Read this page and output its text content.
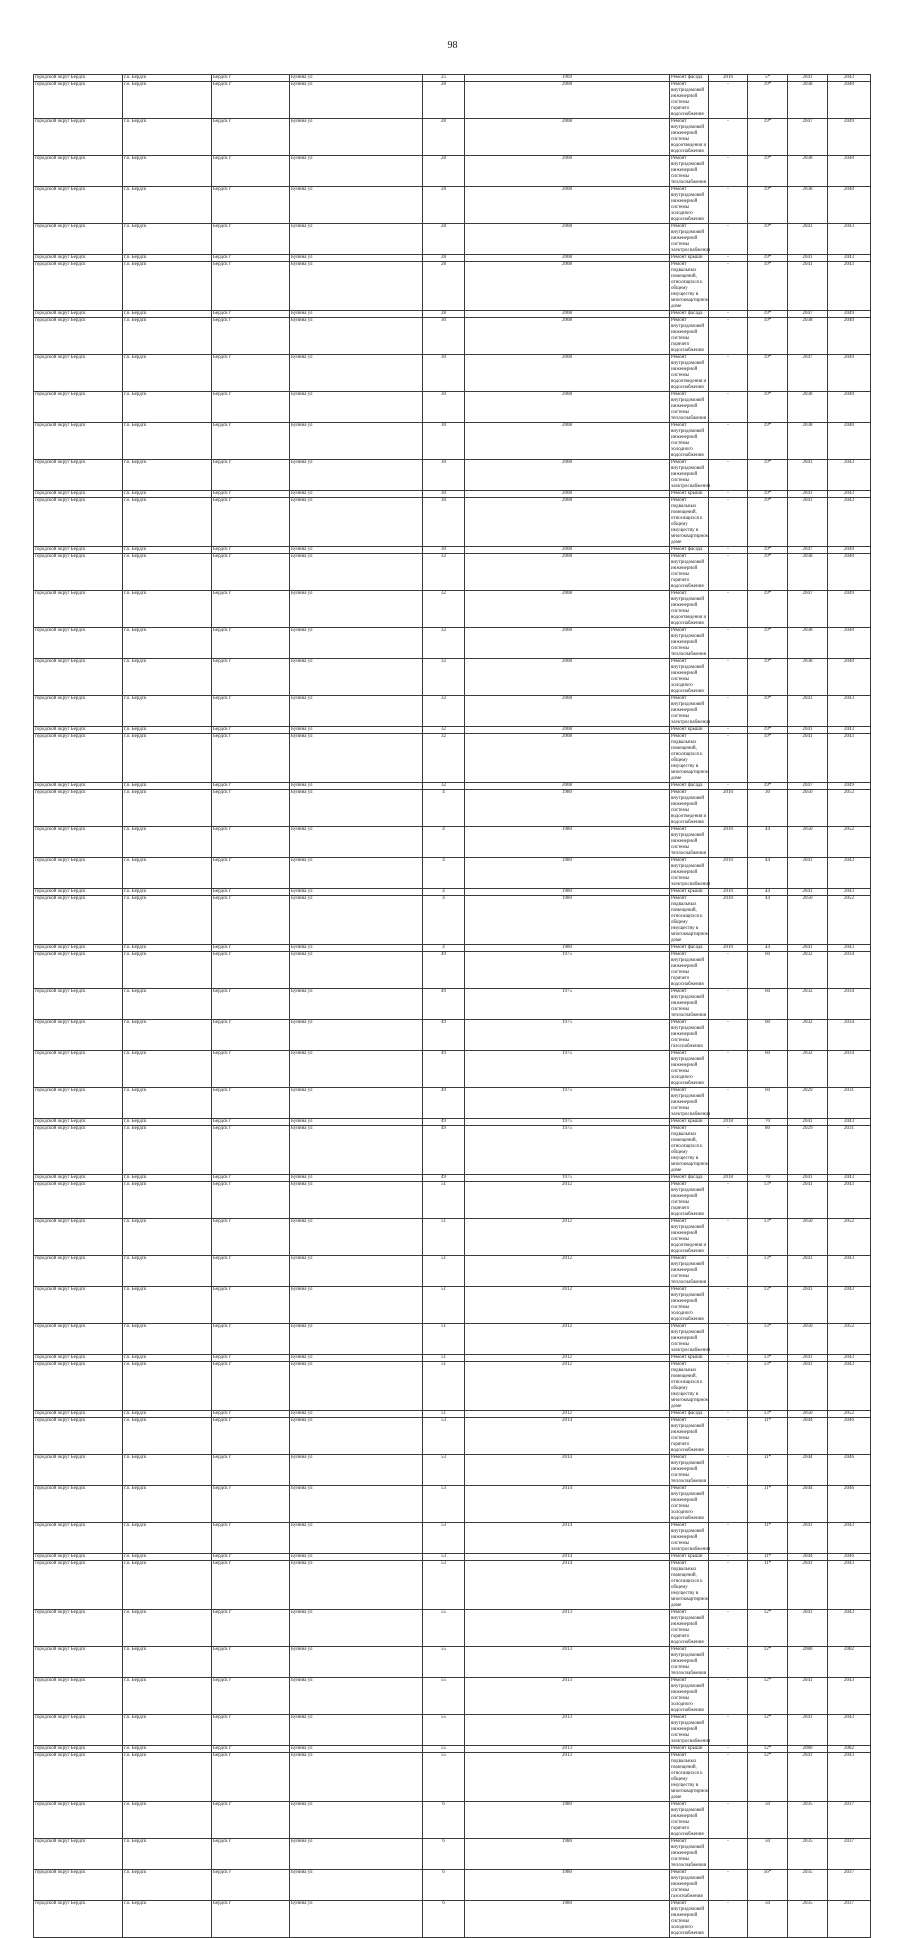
98
городской округ Бердск	г.о. Бердск	Бердск г	Бунина ул	25	1969	Ремонт фасада	2016	5*	2041	2043
городской округ Бердск	г.о. Бердск	Бердск г	Бунина ул	28	2008	Ремонт внутридомовой инженерной системы горячего водоснабжения	-	19*	2038	2040
городской округ Бердск	г.о. Бердск	Бердск г	Бунина ул	28	2008	Ремонт внутридомовой инженерной системы водоотведения и водоснабжения	-	19*	2047	2049
городской округ Бердск	г.о. Бердск	Бердск г	Бунина ул	28	2008	Ремонт внутридомовой инженерной системы теплоснабжения	-	19*	2038	2040
городской округ Бердск	г.о. Бердск	Бердск г	Бунина ул	28	2008	Ремонт внутридомовой инженерной системы холодного водоснабжения	-	19*	2038	2040
городской округ Бердск	г.о. Бердск	Бердск г	Бунина ул	28	2008	Ремонт внутридомовой инженерной системы электроснабжения	-	19*	2041	2043
городской округ Бердск	г.о. Бердск	Бердск г	Бунина ул	28	2008	Ремонт крыши	-	19*	2041	2043
городской округ Бердск	г.о. Бердск	Бердск г	Бунина ул	28	2008	Ремонт подвальных помещений, относящихся к общему имуществу в многоквартирном доме	-	19*	2041	2043
городской округ Бердск	г.о. Бердск	Бердск г	Бунина ул	28	2008	Ремонт фасада	-	19*	2047	2049
городской округ Бердск	г.о. Бердск	Бердск г	Бунина ул	30	2008	Ремонт внутридомовой инженерной системы горячего водоснабжения	-	19*	2038	2040
городской округ Бердск	г.о. Бердск	Бердск г	Бунина ул	30	2008	Ремонт внутридомовой инженерной системы водоотведения и водоснабжения	-	19*	2047	2049
городской округ Бердск	г.о. Бердск	Бердск г	Бунина ул	30	2008	Ремонт внутридомовой инженерной системы теплоснабжения	-	19*	2038	2040
городской округ Бердск	г.о. Бердск	Бердск г	Бунина ул	30	2008	Ремонт внутридомовой инженерной системы холодного водоснабжения	-	19*	2038	2040
городской округ Бердск	г.о. Бердск	Бердск г	Бунина ул	30	2008	Ремонт внутридомовой инженерной системы электроснабжения	-	19*	2041	2043
городской округ Бердск	г.о. Бердск	Бердск г	Бунина ул	30	2008	Ремонт крыши	-	19*	2041	2043
городской округ Бердск	г.о. Бердск	Бердск г	Бунина ул	30	2008	Ремонт подвальных помещений, относящихся к общему имуществу в многоквартирном доме	-	19*	2041	2043
городской округ Бердск	г.о. Бердск	Бердск г	Бунина ул	30	2008	Ремонт фасада	-	19*	2047	2049
городской округ Бердск	г.о. Бердск	Бердск г	Бунина ул	32	2008	Ремонт внутридомовой инженерной системы горячего водоснабжения	-	19*	2038	2040
городской округ Бердск	г.о. Бердск	Бердск г	Бунина ул	32	2008	Ремонт внутридомовой инженерной системы водоотведения и водоснабжения	-	19*	2047	2049
городской округ Бердск	г.о. Бердск	Бердск г	Бунина ул	32	2008	Ремонт внутридомовой инженерной системы теплоснабжения	-	19*	2038	2040
городской округ Бердск	г.о. Бердск	Бердск г	Бунина ул	32	2008	Ремонт внутридомовой инженерной системы холодного водоснабжения	-	19*	2038	2040
городской округ Бердск	г.о. Бердск	Бердск г	Бунина ул	32	2008	Ремонт внутридомовой инженерной системы электроснабжения	-	19*	2041	2043
городской округ Бердск	г.о. Бердск	Бердск г	Бунина ул	32	2008	Ремонт крыши	-	19*	2041	2043
городской округ Бердск	г.о. Бердск	Бердск г	Бунина ул	32	2008	Ремонт подвальных помещений, относящихся к общему имуществу в многоквартирном доме	-	19*	2041	2043
городской округ Бердск	г.о. Бердск	Бердск г	Бунина ул	32	2008	Ремонт фасада	-	19*	2047	2049
городской округ Бердск	г.о. Бердск	Бердск г	Бунина ул	4	1980	Ремонт внутридомовой инженерной системы водоотведения и водоснабжения	2010	30	2050	2052
городской округ Бердск	г.о. Бердск	Бердск г	Бунина ул	4	1980	Ремонт внутридомовой инженерной системы теплоснабжения	2010	44	2050	2052
городской округ Бердск	г.о. Бердск	Бердск г	Бунина ул	4	1980	Ремонт внутридомовой инженерной системы электроснабжения	2010	44	2041	2043
городской округ Бердск	г.о. Бердск	Бердск г	Бунина ул	4	1980	Ремонт крыши	2010	44	2041	2043
городской округ Бердск	г.о. Бердск	Бердск г	Бунина ул	4	1980	Ремонт подвальных помещений, относящихся к общему имуществу в многоквартирном доме	2010	44	2050	2052
городской округ Бердск	г.о. Бердск	Бердск г	Бунина ул	4	1980	Ремонт фасада	2010	44	2041	2043
городской округ Бердск	г.о. Бердск	Бердск г	Бунина ул	49	1975	Ремонт внутридомовой инженерной системы горячего водоснабжения	-	60	2032	2034
городской округ Бердск	г.о. Бердск	Бердск г	Бунина ул	49	1975	Ремонт внутридомовой инженерной системы теплоснабжения	-	60	2032	2034
городской округ Бердск	г.о. Бердск	Бердск г	Бунина ул	49	1975	Ремонт внутридомовой инженерной системы газоснабжения	-	60	2032	2034
городской округ Бердск	г.о. Бердск	Бердск г	Бунина ул	49	1975	Ремонт внутридомовой инженерной системы холодного водоснабжения	-	60	2032	2034
городской округ Бердск	г.о. Бердск	Бердск г	Бунина ул	49	1975	Ремонт внутридомовой инженерной системы электроснабжения	-	60	2029	2031
городской округ Бердск	г.о. Бердск	Бердск г	Бунина ул	49	1975	Ремонт крыши	2018	70	2041	2043
городской округ Бердск	г.о. Бердск	Бердск г	Бунина ул	49	1975	Ремонт подвальных помещений, относящихся к общему имуществу в многоквартирном доме	-	80	2029	2031
городской округ Бердск	г.о. Бердск	Бердск г	Бунина ул	49	1975	Ремонт фасада	2018	70	2041	2043
городской округ Бердск	г.о. Бердск	Бердск г	Бунина ул	51	2012	Ремонт внутридомовой инженерной системы горячего водоснабжения	-	13*	2041	2043
городской округ Бердск	г.о. Бердск	Бердск г	Бунина ул	51	2012	Ремонт внутридомовой инженерной системы водоотведения и водоснабжения	-	13*	2050	2052
городской округ Бердск	г.о. Бердск	Бердск г	Бунина ул	51	2012	Ремонт внутридомовой инженерной системы теплоснабжения	-	13*	2041	2043
городской округ Бердск	г.о. Бердск	Бердск г	Бунина ул	51	2012	Ремонт внутридомовой инженерной системы холодного водоснабжения	-	13*	2041	2043
городской округ Бердск	г.о. Бердск	Бердск г	Бунина ул	51	2012	Ремонт внутридомовой инженерной системы электроснабжения	-	13*	2050	2052
городской округ Бердск	г.о. Бердск	Бердск г	Бунина ул	51	2012	Ремонт крыши	-	13*	2041	2043
городской округ Бердск	г.о. Бердск	Бердск г	Бунина ул	51	2012	Ремонт подвальных помещений, относящихся к общему имуществу в многоквартирном доме	-	13*	2041	2043
городской округ Бердск	г.о. Бердск	Бердск г	Бунина ул	51	2012	Ремонт фасада	-	13*	2050	2052
городской округ Бердск	г.о. Бердск	Бердск г	Бунина ул	53	2014	Ремонт внутридомовой инженерной системы горячего водоснабжения	-	11*	2044	2046
городской округ Бердск	г.о. Бердск	Бердск г	Бунина ул	53	2014	Ремонт внутридомовой инженерной системы теплоснабжения	-	11*	2044	2046
городской округ Бердск	г.о. Бердск	Бердск г	Бунина ул	53	2014	Ремонт внутридомовой инженерной системы холодного водоснабжения	-	11*	2044	2046
городской округ Бердск	г.о. Бердск	Бердск г	Бунина ул	53	2014	Ремонт внутридомовой инженерной системы электроснабжения	-	11*	2041	2043
городской округ Бердск	г.о. Бердск	Бердск г	Бунина ул	53	2014	Ремонт крыши	-	11*	2044	2046
городской округ Бердск	г.о. Бердск	Бердск г	Бунина ул	53	2014	Ремонт подвальных помещений, относящихся к общему имуществу в многоквартирном доме	-	11*	2041	2043
городской округ Бердск	г.о. Бердск	Бердск г	Бунина ул	55	2013	Ремонт внутридомовой инженерной системы горячего водоснабжения	-	12*	2041	2043
городской округ Бердск	г.о. Бердск	Бердск г	Бунина ул	55	2013	Ремонт внутридомовой инженерной системы теплоснабжения	-	12*	2080	2082
городской округ Бердск	г.о. Бердск	Бердск г	Бунина ул	55	2013	Ремонт внутридомовой инженерной системы холодного водоснабжения	-	12*	2041	2043
городской округ Бердск	г.о. Бердск	Бердск г	Бунина ул	55	2013	Ремонт внутридомовой инженерной системы электроснабжения	-	12*	2041	2043
городской округ Бердск	г.о. Бердск	Бердск г	Бунина ул	55	2013	Ремонт крыши	-	12*	2080	2082
городской округ Бердск	г.о. Бердск	Бердск г	Бунина ул	55	2013	Ремонт подвальных помещений, относящихся к общему имуществу в многоквартирном доме	-	12*	2041	2043
городской округ Бердск	г.о. Бердск	Бердск г	Бунина ул	6	1980	Ремонт внутридомовой инженерной системы горячего водоснабжения	-	50	2035	2037
городской округ Бердск	г.о. Бердск	Бердск г	Бунина ул	6	1980	Ремонт внутридомовой инженерной системы теплоснабжения	-	50	2035	2037
городской округ Бердск	г.о. Бердск	Бердск г	Бунина ул	6	1980	Ремонт внутридомовой инженерной системы газоснабжения	-	56*	2035	2037
городской округ Бердск	г.о. Бердск	Бердск г	Бунина ул	6	1980	Ремонт внутридомовой инженерной системы холодного водоснабжения	-	50	2035	2037
